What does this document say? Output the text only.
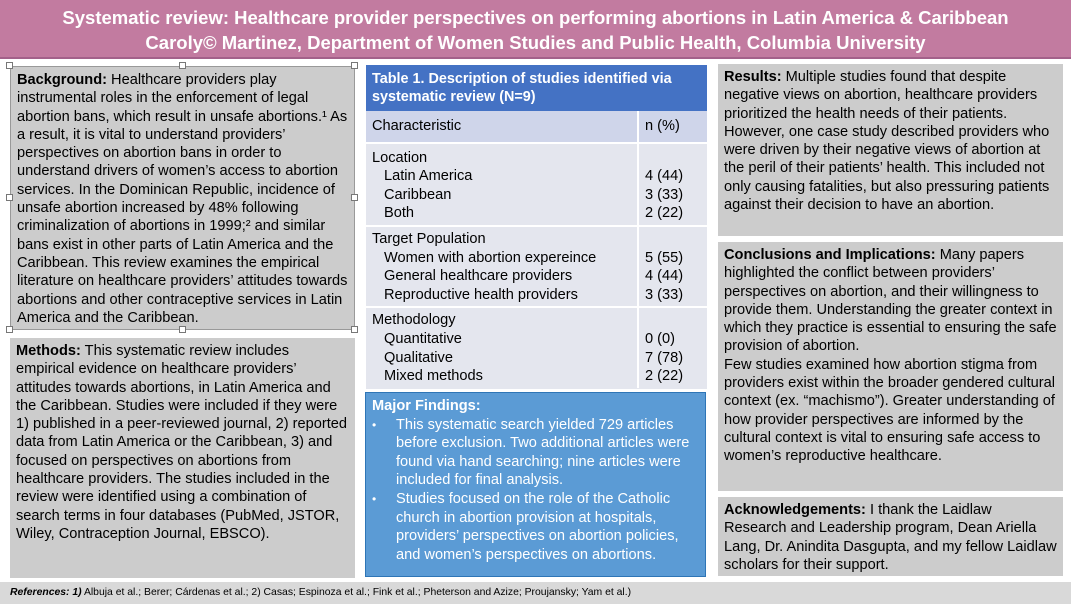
Systematic review: Healthcare provider perspectives on performing abortions in Latin America & Caribbean
Caroly© Martinez, Department of Women Studies and Public Health, Columbia University
Background: Healthcare providers play instrumental roles in the enforcement of legal abortion bans, which result in unsafe abortions.¹ As a result, it is vital to understand providers’ perspectives on abortion bans in order to understand drivers of women’s access to abortion services. In the Dominican Republic, incidence of unsafe abortion increased by 48% following criminalization of abortions in 1999;² and similar bans exist in other parts of Latin America and the Caribbean. This review examines the empirical literature on healthcare providers’ attitudes towards abortions and other contraceptive services in Latin America and the Caribbean.
Methods: This systematic review includes empirical evidence on healthcare providers’ attitudes towards abortions, in Latin America and the Caribbean. Studies were included if they were 1) published in a peer-reviewed journal, 2) reported data from Latin America or the Caribbean, 3) and focused on perspectives on abortions from healthcare providers. The studies included in the review were identified using a combination of search terms in four databases (PubMed, JSTOR, Wiley, Contraception Journal, EBSCO).
Table 1. Description of studies identified via systematic review (N=9)
Characteristic	n (%)
Location
Latin America
Caribbean
Both

4 (44)
3 (33)
2 (22)
Target Population
Women with abortion expereince
General healthcare providers
Reproductive health providers

5 (55)
4 (44)
3 (33)
Methodology
Quantitative
Qualitative
Mixed methods

0 (0)
7 (78)
2 (22)
Major Findings:
• This systematic search yielded 729 articles before exclusion. Two additional articles were found via hand searching; nine articles were included for final analysis.
• Studies focused on the role of the Catholic church in abortion provision at hospitals, providers’ perspectives on abortion policies, and women’s perspectives on abortions.
Results: Multiple studies found that despite negative views on abortion, healthcare providers prioritized the health needs of their patients. However, one case study described providers who were driven by their negative views of abortion at the peril of their patients’ health. This included not only causing fatalities, but also pressuring patients against their decision to have an abortion.
Conclusions and Implications: Many papers highlighted the conflict between providers’ perspectives on abortion, and their willingness to provide them. Understanding the greater context in which they practice is essential to ensuring the safe provision of abortion.
Few studies examined how abortion stigma from providers exist within the broader gendered cultural context (ex. “machismo”). Greater understanding of how provider perspectives are informed by the cultural context is vital to ensuring safe access to women’s reproductive healthcare.
Acknowledgements: I thank the Laidlaw Research and Leadership program, Dean Ariella Lang, Dr. Anindita Dasgupta, and my fellow Laidlaw scholars for their support.
References: 1) Albuja et al.; Berer; Cárdenas et al.; 2) Casas; Espinoza et al.; Fink et al.; Pheterson and Azize; Proujansky; Yam et al.)
